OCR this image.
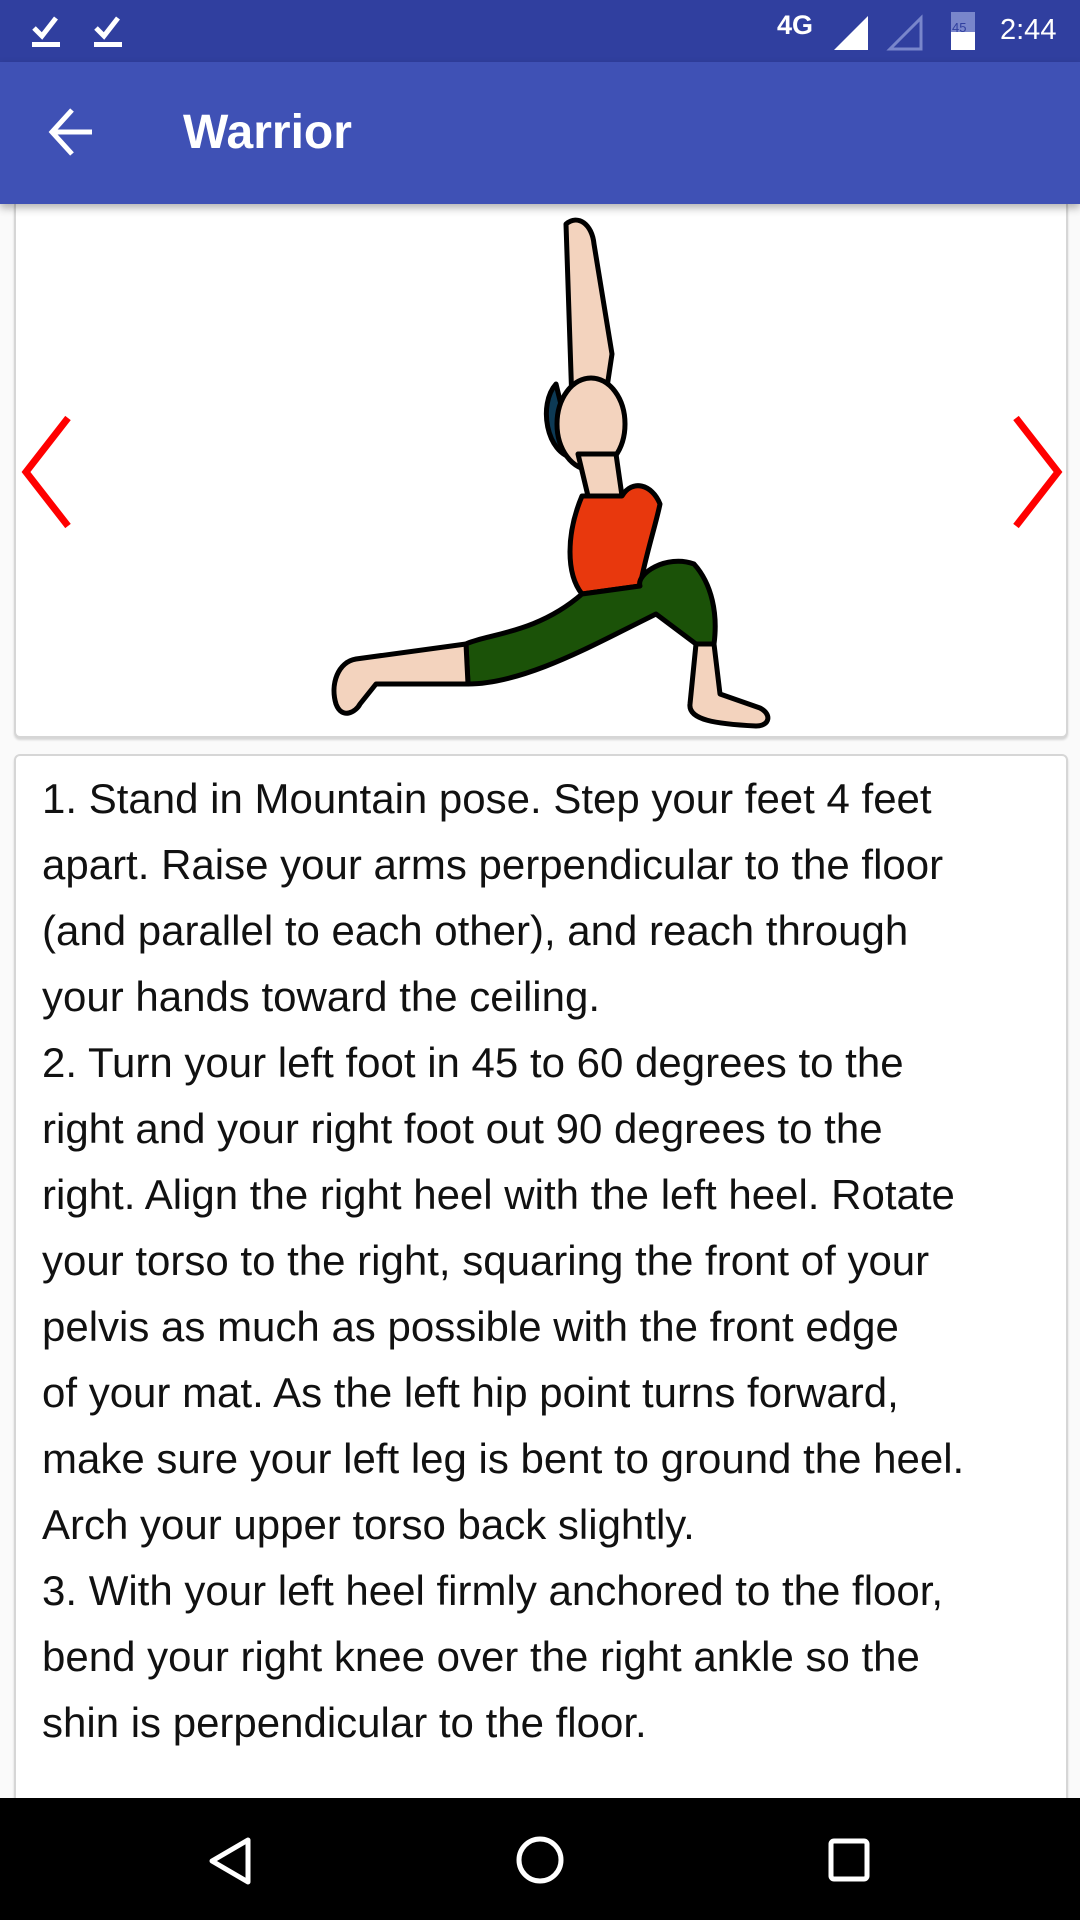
4G	45 2:44
Warrior
1. Stand in Mountain pose. Step your feet 4 feet
apart. Raise your arms perpendicular to the floor
(and parallel to each other), and reach through
your hands toward the ceiling.
2. Turn your left foot in 45 to 60 degrees to the
right and your right foot out 90 degrees to the
right. Align the right heel with the left heel. Rotate
your torso to the right, squaring the front of your
pelvis as much as possible with the front edge
of your mat. As the left hip point turns forward,
make sure your left leg is bent to ground the heel.
Arch your upper torso back slightly.
3. With your left heel firmly anchored to the floor,
bend your right knee over the right ankle so the
shin is perpendicular to the floor.
